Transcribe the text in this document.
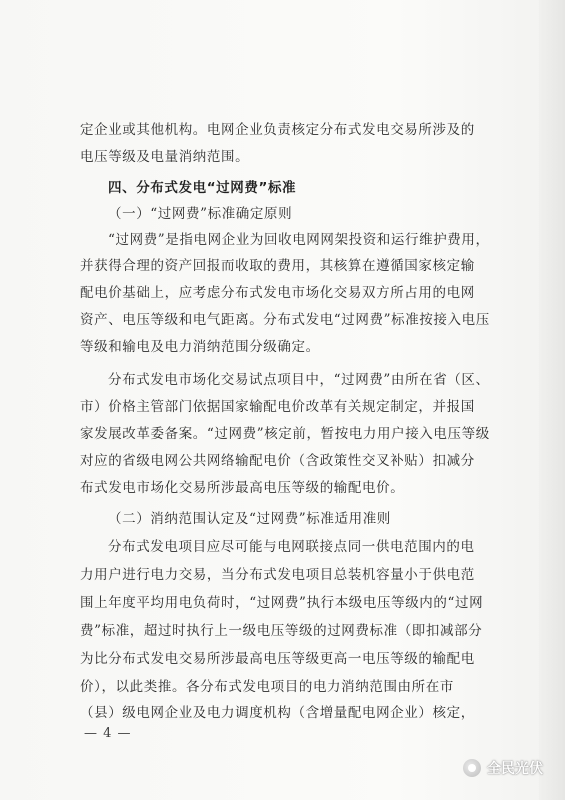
定企业或其他机构。电网企业负责核定分布式发电交易所涉及的
电压等级及电量消纳范围。
四、分布式发电“过网费”标准
（一）“过网费”标准确定原则
“过网费”是指电网企业为回收电网网架投资和运行维护费用，
并获得合理的资产回报而收取的费用，其核算在遵循国家核定输
配电价基础上，应考虑分布式发电市场化交易双方所占用的电网
资产、电压等级和电气距离。分布式发电“过网费”标准按接入电压
等级和输电及电力消纳范围分级确定。
分布式发电市场化交易试点项目中，“过网费”由所在省（区、
市）价格主管部门依据国家输配电价改革有关规定制定，并报国
家发展改革委备案。“过网费”核定前，暂按电力用户接入电压等级
对应的省级电网公共网络输配电价（含政策性交叉补贴）扣减分
布式发电市场化交易所涉最高电压等级的输配电价。
（二）消纳范围认定及“过网费”标准适用准则
分布式发电项目应尽可能与电网联接点同一供电范围内的电
力用户进行电力交易，当分布式发电项目总装机容量小于供电范
围上年度平均用电负荷时，“过网费”执行本级电压等级内的“过网
费”标准，超过时执行上一级电压等级的过网费标准（即扣减部分
为比分布式发电交易所涉最高电压等级更高一电压等级的输配电
价），以此类推。各分布式发电项目的电力消纳范围由所在市
（县）级电网企业及电力调度机构（含增量配电网企业）核定，
— 4 —
全民光伏
